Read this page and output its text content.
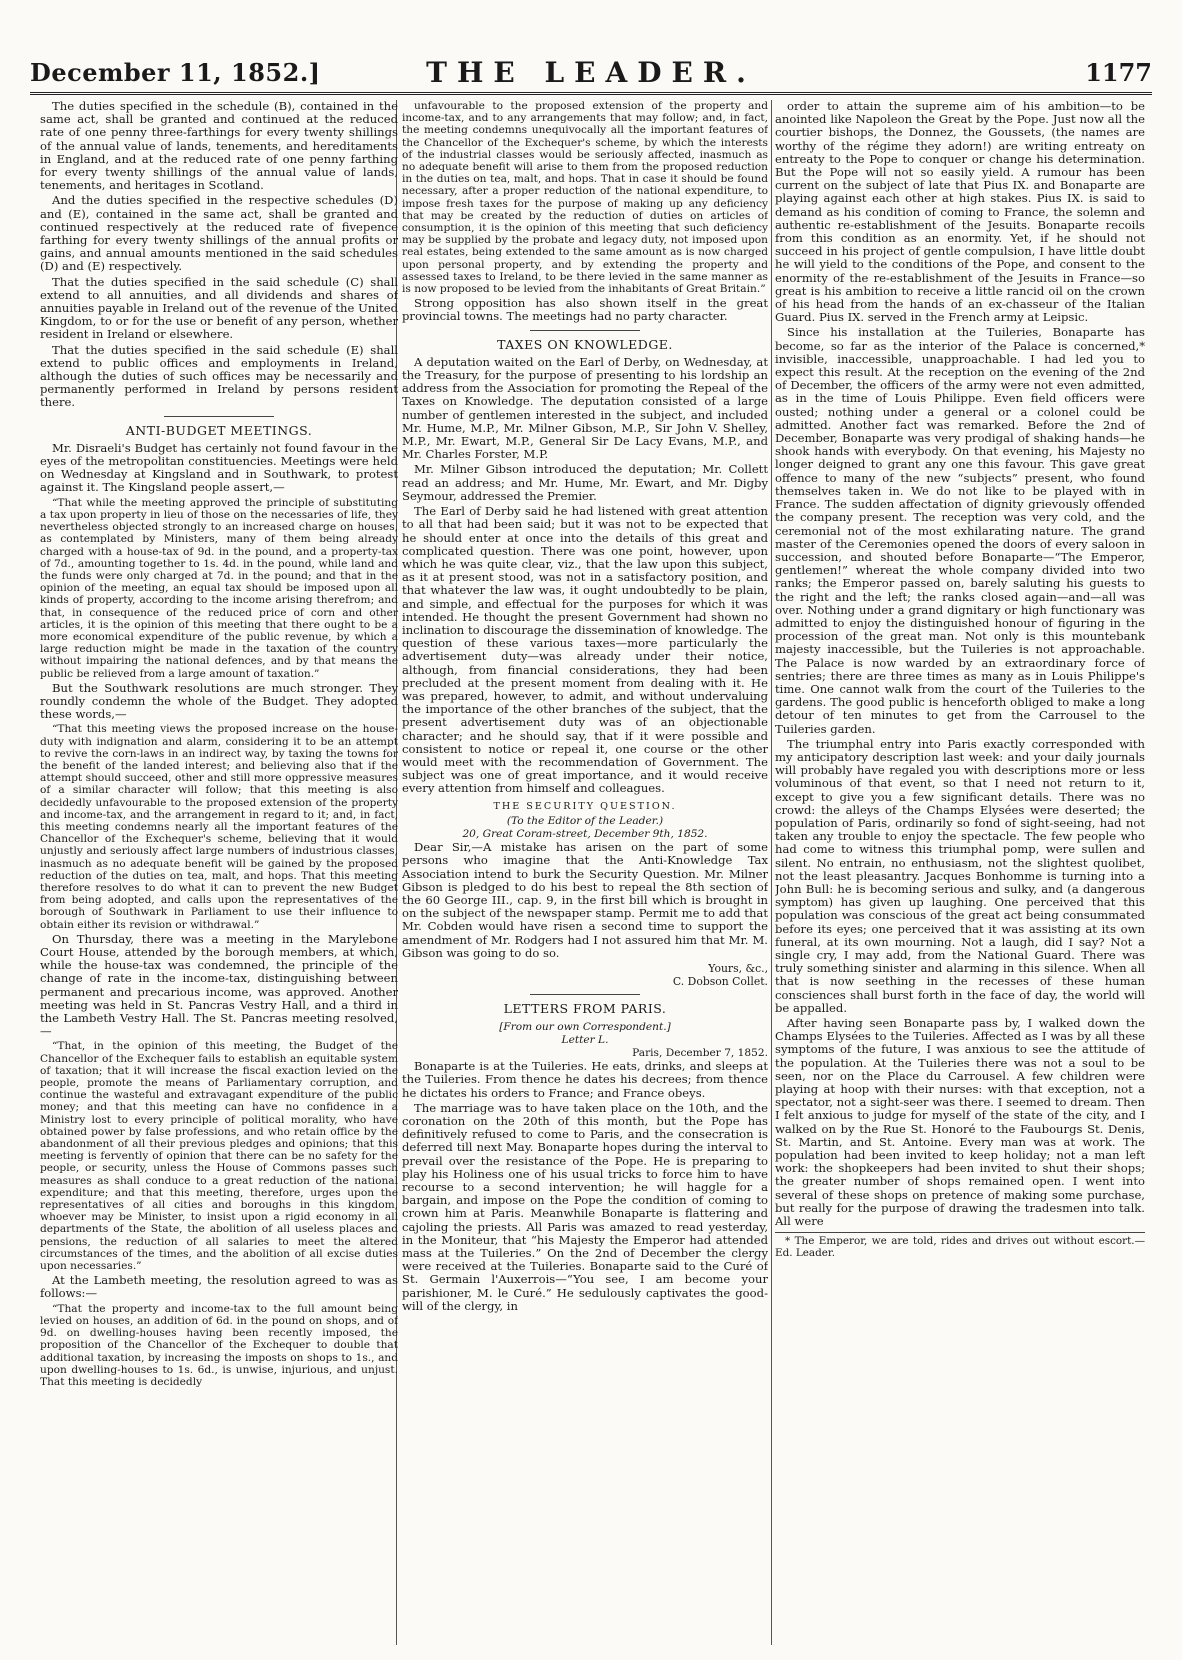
December 11, 1852.]	THE LEADER.	1177

The duties specified in the schedule (B), contained in the same act, shall be granted and continued at the reduced rate of one penny three-farthings for every twenty shillings of the annual value of lands, tenements, and hereditaments in England, and at the reduced rate of one penny farthing for every twenty shillings of the annual value of lands, tenements, and heritages in Scotland.

And the duties specified in the respective schedules (D) and (E), contained in the same act, shall be granted and continued respectively at the reduced rate of fivepence farthing for every twenty shillings of the annual profits or gains, and annual amounts mentioned in the said schedules (D) and (E) respectively.

That the duties specified in the said schedule (C) shall extend to all annuities, and all dividends and shares of annuities payable in Ireland out of the revenue of the United Kingdom, to or for the use or benefit of any person, whether resident in Ireland or elsewhere.

That the duties specified in the said schedule (E) shall extend to public offices and employments in Ireland, although the duties of such offices may be necessarily and permanently performed in Ireland by persons resident there.

ANTI-BUDGET MEETINGS.

Mr. Disraeli's Budget has certainly not found favour in the eyes of the metropolitan constituencies. Meetings were held on Wednesday at Kingsland and in Southwark, to protest against it. The Kingsland people assert,—

“That while the meeting approved the principle of substituting a tax upon property in lieu of those on the necessaries of life, they nevertheless objected strongly to an increased charge on houses, as contemplated by Ministers, many of them being already charged with a house-tax of 9d. in the pound, and a property-tax of 7d., amounting together to 1s. 4d. in the pound, while land and the funds were only charged at 7d. in the pound; and that in the opinion of the meeting, an equal tax should be imposed upon all kinds of property, according to the income arising therefrom; and that, in consequence of the reduced price of corn and other articles, it is the opinion of this meeting that there ought to be a more economical expenditure of the public revenue, by which a large reduction might be made in the taxation of the country without impairing the national defences, and by that means the public be relieved from a large amount of taxation.”

But the Southwark resolutions are much stronger. They roundly condemn the whole of the Budget. They adopted these words,—

“That this meeting views the proposed increase on the house-duty with indignation and alarm, considering it to be an attempt to revive the corn-laws in an indirect way, by taxing the towns for the benefit of the landed interest; and believing also that if the attempt should succeed, other and still more oppressive measures of a similar character will follow; that this meeting is also decidedly unfavourable to the proposed extension of the property and income-tax, and the arrangement in regard to it; and, in fact, this meeting condemns nearly all the important features of the Chancellor of the Exchequer's scheme, believing that it would unjustly and seriously affect large numbers of industrious classes, inasmuch as no adequate benefit will be gained by the proposed reduction of the duties on tea, malt, and hops. That this meeting therefore resolves to do what it can to prevent the new Budget from being adopted, and calls upon the representatives of the borough of Southwark in Parliament to use their influence to obtain either its revision or withdrawal.”

On Thursday, there was a meeting in the Marylebone Court House, attended by the borough members, at which, while the house-tax was condemned, the principle of the change of rate in the income-tax, distinguishing between permanent and precarious income, was approved. Another meeting was held in St. Pancras Vestry Hall, and a third in the Lambeth Vestry Hall. The St. Pancras meeting resolved,—

“That, in the opinion of this meeting, the Budget of the Chancellor of the Exchequer fails to establish an equitable system of taxation; that it will increase the fiscal exaction levied on the people, promote the means of Parliamentary corruption, and continue the wasteful and extravagant expenditure of the public money; and that this meeting can have no confidence in a Ministry lost to every principle of political morality, who have obtained power by false professions, and who retain office by the abandonment of all their previous pledges and opinions; that this meeting is fervently of opinion that there can be no safety for the people, or security, unless the House of Commons passes such measures as shall conduce to a great reduction of the national expenditure; and that this meeting, therefore, urges upon the representatives of all cities and boroughs in this kingdom, whoever may be Minister, to insist upon a rigid economy in all departments of the State, the abolition of all useless places and pensions, the reduction of all salaries to meet the altered circumstances of the times, and the abolition of all excise duties upon necessaries.”

At the Lambeth meeting, the resolution agreed to was as follows:—

“That the property and income-tax to the full amount being levied on houses, an addition of 6d. in the pound on shops, and of 9d. on dwelling-houses having been recently imposed, the proposition of the Chancellor of the Exchequer to double that additional taxation, by increasing the imposts on shops to 1s., and upon dwelling-houses to 1s. 6d., is unwise, injurious, and unjust. That this meeting is decidedly

unfavourable to the proposed extension of the property and income-tax, and to any arrangements that may follow; and, in fact, the meeting condemns unequivocally all the important features of the Chancellor of the Exchequer's scheme, by which the interests of the industrial classes would be seriously affected, inasmuch as no adequate benefit will arise to them from the proposed reduction in the duties on tea, malt, and hops. That in case it should be found necessary, after a proper reduction of the national expenditure, to impose fresh taxes for the purpose of making up any deficiency that may be created by the reduction of duties on articles of consumption, it is the opinion of this meeting that such deficiency may be supplied by the probate and legacy duty, not imposed upon real estates, being extended to the same amount as is now charged upon personal property, and by extending the property and assessed taxes to Ireland, to be there levied in the same manner as is now proposed to be levied from the inhabitants of Great Britain.”

Strong opposition has also shown itself in the great provincial towns. The meetings had no party character.

TAXES ON KNOWLEDGE.

A deputation waited on the Earl of Derby, on Wednesday, at the Treasury, for the purpose of presenting to his lordship an address from the Association for promoting the Repeal of the Taxes on Knowledge. The deputation consisted of a large number of gentlemen interested in the subject, and included Mr. Hume, M.P., Mr. Milner Gibson, M.P., Sir John V. Shelley, M.P., Mr. Ewart, M.P., General Sir De Lacy Evans, M.P., and Mr. Charles Forster, M.P.

Mr. Milner Gibson introduced the deputation; Mr. Collett read an address; and Mr. Hume, Mr. Ewart, and Mr. Digby Seymour, addressed the Premier.

The Earl of Derby said he had listened with great attention to all that had been said; but it was not to be expected that he should enter at once into the details of this great and complicated question. There was one point, however, upon which he was quite clear, viz., that the law upon this subject, as it at present stood, was not in a satisfactory position, and that whatever the law was, it ought undoubtedly to be plain, and simple, and effectual for the purposes for which it was intended. He thought the present Government had shown no inclination to discourage the dissemination of knowledge. The question of these various taxes—more particularly the advertisement duty—was already under their notice, although, from financial considerations, they had been precluded at the present moment from dealing with it. He was prepared, however, to admit, and without undervaluing the importance of the other branches of the subject, that the present advertisement duty was of an objectionable character; and he should say, that if it were possible and consistent to notice or repeal it, one course or the other would meet with the recommendation of Government. The subject was one of great importance, and it would receive every attention from himself and colleagues.

THE SECURITY QUESTION.
(To the Editor of the Leader.)
20, Great Coram-street, December 9th, 1852.

Dear Sir,—A mistake has arisen on the part of some persons who imagine that the Anti-Knowledge Tax Association intend to burk the Security Question. Mr. Milner Gibson is pledged to do his best to repeal the 8th section of the 60 George III., cap. 9, in the first bill which is brought in on the subject of the newspaper stamp. Permit me to add that Mr. Cobden would have risen a second time to support the amendment of Mr. Rodgers had I not assured him that Mr. M. Gibson was going to do so.

Yours, &c.,
C. Dobson Collet.
LETTERS FROM PARIS.
[From our own Correspondent.]
Letter L.
Paris, December 7, 1852.

Bonaparte is at the Tuileries. He eats, drinks, and sleeps at the Tuileries. From thence he dates his decrees; from thence he dictates his orders to France; and France obeys.

The marriage was to have taken place on the 10th, and the coronation on the 20th of this month, but the Pope has definitively refused to come to Paris, and the consecration is deferred till next May. Bonaparte hopes during the interval to prevail over the resistance of the Pope. He is preparing to play his Holiness one of his usual tricks to force him to have recourse to a second intervention; he will haggle for a bargain, and impose on the Pope the condition of coming to crown him at Paris. Meanwhile Bonaparte is flattering and cajoling the priests. All Paris was amazed to read yesterday, in the Moniteur, that “his Majesty the Emperor had attended mass at the Tuileries.” On the 2nd of December the clergy were received at the Tuileries. Bonaparte said to the Curé of St. Germain l'Auxerrois—“You see, I am become your parishioner, M. le Curé.” He sedulously captivates the good-will of the clergy, in

order to attain the supreme aim of his ambition—to be anointed like Napoleon the Great by the Pope. Just now all the courtier bishops, the Donnez, the Goussets, (the names are worthy of the régime they adorn!) are writing entreaty on entreaty to the Pope to conquer or change his determination. But the Pope will not so easily yield. A rumour has been current on the subject of late that Pius IX. and Bonaparte are playing against each other at high stakes. Pius IX. is said to demand as his condition of coming to France, the solemn and authentic re-establishment of the Jesuits. Bonaparte recoils from this condition as an enormity. Yet, if he should not succeed in his project of gentle compulsion, I have little doubt he will yield to the conditions of the Pope, and consent to the enormity of the re-establishment of the Jesuits in France—so great is his ambition to receive a little rancid oil on the crown of his head from the hands of an ex-chasseur of the Italian Guard. Pius IX. served in the French army at Leipsic.

Since his installation at the Tuileries, Bonaparte has become, so far as the interior of the Palace is concerned,* invisible, inaccessible, unapproachable. I had led you to expect this result. At the reception on the evening of the 2nd of December, the officers of the army were not even admitted, as in the time of Louis Philippe. Even field officers were ousted; nothing under a general or a colonel could be admitted. Another fact was remarked. Before the 2nd of December, Bonaparte was very prodigal of shaking hands—he shook hands with everybody. On that evening, his Majesty no longer deigned to grant any one this favour. This gave great offence to many of the new “subjects” present, who found themselves taken in. We do not like to be played with in France. The sudden affectation of dignity grievously offended the company present. The reception was very cold, and the ceremonial not of the most exhilarating nature. The grand master of the Ceremonies opened the doors of every saloon in succession, and shouted before Bonaparte—“The Emperor, gentlemen!” whereat the whole company divided into two ranks; the Emperor passed on, barely saluting his guests to the right and the left; the ranks closed again—and—all was over. Nothing under a grand dignitary or high functionary was admitted to enjoy the distinguished honour of figuring in the procession of the great man. Not only is this mountebank majesty inaccessible, but the Tuileries is not approachable. The Palace is now warded by an extraordinary force of sentries; there are three times as many as in Louis Philippe's time. One cannot walk from the court of the Tuileries to the gardens. The good public is henceforth obliged to make a long detour of ten minutes to get from the Carrousel to the Tuileries garden.

The triumphal entry into Paris exactly corresponded with my anticipatory description last week: and your daily journals will probably have regaled you with descriptions more or less voluminous of that event, so that I need not return to it, except to give you a few significant details. There was no crowd: the alleys of the Champs Elysées were deserted; the population of Paris, ordinarily so fond of sight-seeing, had not taken any trouble to enjoy the spectacle. The few people who had come to witness this triumphal pomp, were sullen and silent. No entrain, no enthusiasm, not the slightest quolibet, not the least pleasantry. Jacques Bonhomme is turning into a John Bull: he is becoming serious and sulky, and (a dangerous symptom) has given up laughing. One perceived that this population was conscious of the great act being consummated before its eyes; one perceived that it was assisting at its own funeral, at its own mourning. Not a laugh, did I say? Not a single cry, I may add, from the National Guard. There was truly something sinister and alarming in this silence. When all that is now seething in the recesses of these human consciences shall burst forth in the face of day, the world will be appalled.

After having seen Bonaparte pass by, I walked down the Champs Elysées to the Tuileries. Affected as I was by all these symptoms of the future, I was anxious to see the attitude of the population. At the Tuileries there was not a soul to be seen, nor on the Place du Carrousel. A few children were playing at hoop with their nurses: with that exception, not a spectator, not a sight-seer was there. I seemed to dream. Then I felt anxious to judge for myself of the state of the city, and I walked on by the Rue St. Honoré to the Faubourgs St. Denis, St. Martin, and St. Antoine. Every man was at work. The population had been invited to keep holiday; not a man left work: the shopkeepers had been invited to shut their shops; the greater number of shops remained open. I went into several of these shops on pretence of making some purchase, but really for the purpose of drawing the tradesmen into talk. All were

* The Emperor, we are told, rides and drives out without escort.—Ed. Leader.
